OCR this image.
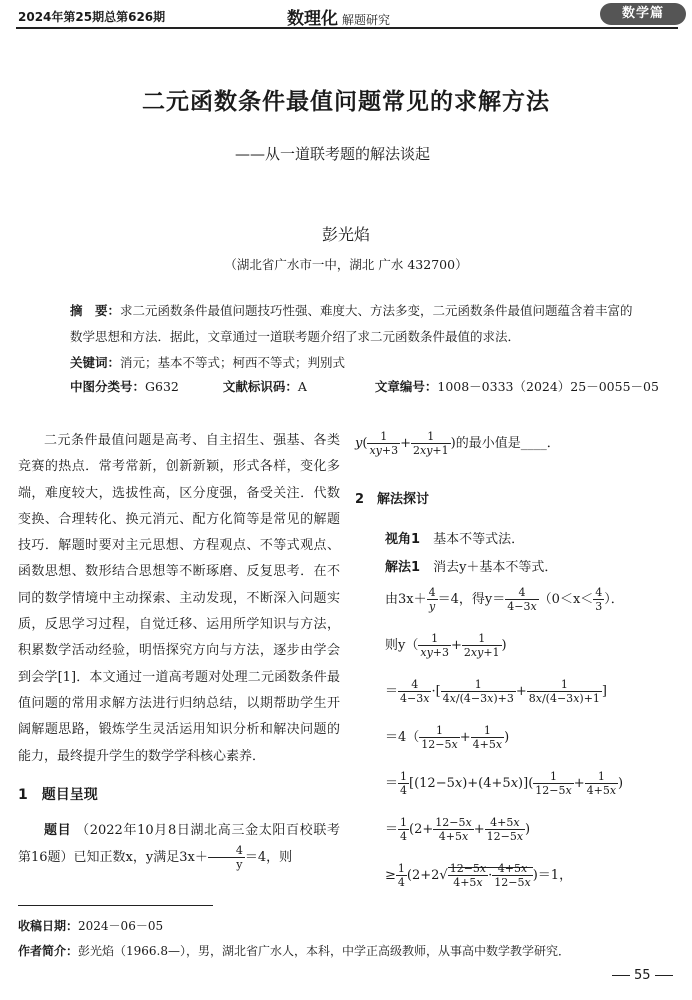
2024年第25期总第626期	数理化 解题研究	数学篇
二元函数条件最值问题常见的求解方法
——从一道联考题的解法谈起
彭光焰
（湖北省广水市一中，湖北 广水 432700）
摘　要：求二元函数条件最值问题技巧性强、难度大、方法多变，二元函数条件最值问题蕴含着丰富的数学思想和方法．据此，文章通过一道联考题介绍了求二元函数条件最值的求法．
关键词：消元；基本不等式；柯西不等式；判别式
中图分类号：G632	文献标识码：A	文章编号：1008－0333（2024）25－0055－05

二元条件最值问题是高考、自主招生、强基、各类竞赛的热点．常考常新，创新新颖，形式各样，变化多端，难度较大，选拔性高，区分度强，备受关注．代数变换、合理转化、换元消元、配方化简等是常见的解题技巧．解题时要对主元思想、方程观点、不等式观点、函数思想、数形结合思想等不断琢磨、反复思考．在不同的数学情境中主动探索、主动发现，不断深入问题实质，反思学习过程，自觉迁移、运用所学知识与方法，积累数学活动经验，明悟探究方向与方法，逐步由学会到会学[1]．本文通过一道高考题对处理二元函数条件最值问题的常用求解方法进行归纳总结，以期帮助学生开阔解题思路，锻炼学生灵活运用知识分析和解决问题的能力，最终提升学生的数学学科核心素养．

1　题目呈现

题目 （2022年10月8日湖北高三金太阳百校联考第16题）已知正数x，y满足$3x+ \frac{4}{y} =4$，则

$y( \frac{1}{xy+3} + \frac{1}{2xy+1}$ )的最小值是____．
2　解法探讨
视角1　 基本不等式法．
解法1　 消去y＋基本不等式．
由$3x+ \frac{4}{y} =4$，得$y= \frac{4}{4-3x} (0<x< \frac{4}{3}$ ）．
则$y( \frac{1}{xy+3} + \frac{1}{2xy+1}$ )
＝ $\frac{4}{4-3x}$ ·[ $\frac{1}{4x/(4-3x)+3} + \frac{1}{8x/(4-3x)+1}$ ]
$=4( \frac{1}{12-5x} + \frac{1}{4+5x}$ )
＝ $\frac{1}{4} [(12-5x)+(4+5x)]( \frac{1}{12-5x} + \frac{1}{4+5x}$ )
＝ $\frac{1}{4} (2+ \frac{12-5x}{4+5x} + \frac{4+5x}{12-5x}$ )
≥ $\frac{1}{4} (2+2√ \frac{12-5x}{4+5x} \cdot \frac{4+5x}{12-5x} )=1$，
收稿日期：2024－06－05
作者简介：彭光焰（1966.8—），男，湖北省广水人，本科，中学正高级教师，从事高中数学教学研究．
55
